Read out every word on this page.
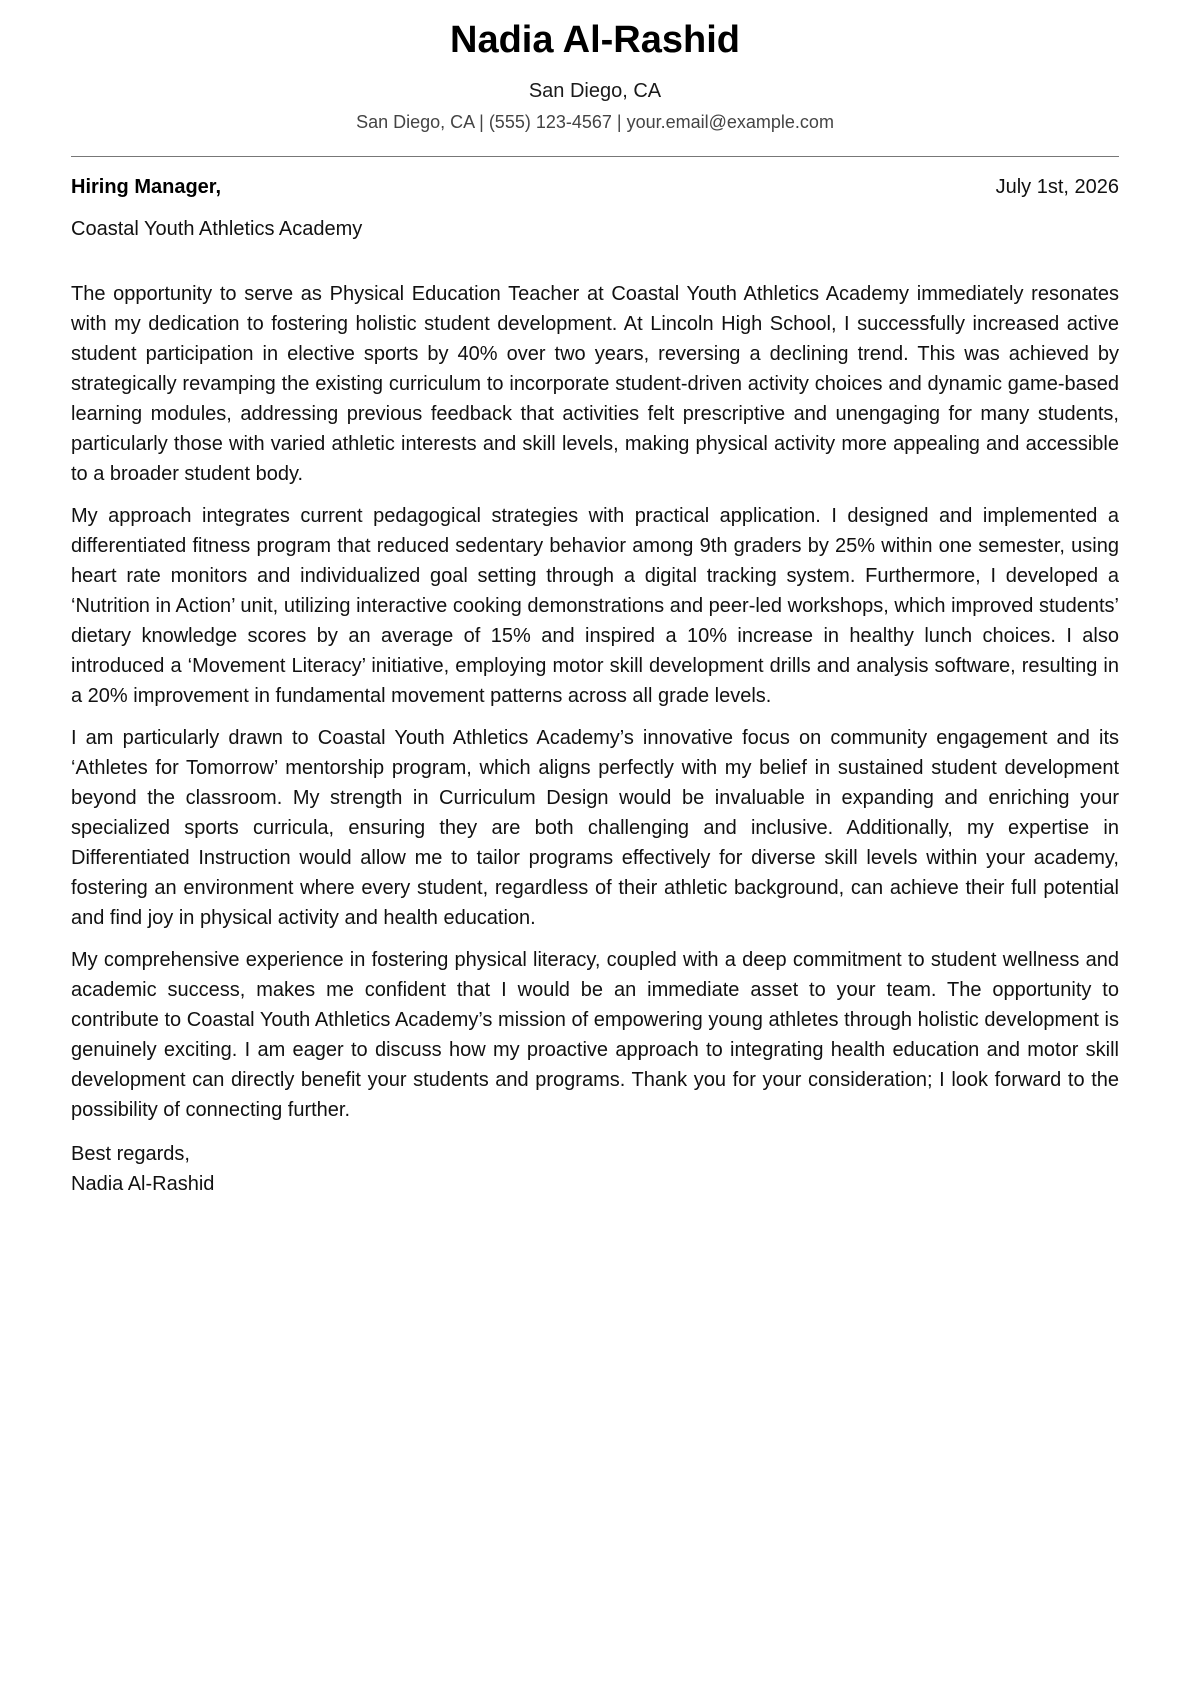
Nadia Al-Rashid
San Diego, CA
San Diego, CA | (555) 123-4567 | your.email@example.com
Hiring Manager,	July 1st, 2026
Coastal Youth Athletics Academy

The opportunity to serve as Physical Education Teacher at Coastal Youth Athletics Academy immediately resonates with my dedication to fostering holistic student development. At Lincoln High School, I successfully increased active student participation in elective sports by 40% over two years, reversing a declining trend. This was achieved by strategically revamping the existing curriculum to incorporate student-driven activity choices and dynamic game-based learning modules, addressing previous feedback that activities felt prescriptive and unengaging for many students, particularly those with varied athletic interests and skill levels, making physical activity more appealing and accessible to a broader student body.

My approach integrates current pedagogical strategies with practical application. I designed and implemented a differentiated fitness program that reduced sedentary behavior among 9th graders by 25% within one semester, using heart rate monitors and individualized goal setting through a digital tracking system. Furthermore, I developed a ‘Nutrition in Action’ unit, utilizing interactive cooking demonstrations and peer-led workshops, which improved students’ dietary knowledge scores by an average of 15% and inspired a 10% increase in healthy lunch choices. I also introduced a ‘Movement Literacy’ initiative, employing motor skill development drills and analysis software, resulting in a 20% improvement in fundamental movement patterns across all grade levels.

I am particularly drawn to Coastal Youth Athletics Academy’s innovative focus on community engagement and its ‘Athletes for Tomorrow’ mentorship program, which aligns perfectly with my belief in sustained student development beyond the classroom. My strength in Curriculum Design would be invaluable in expanding and enriching your specialized sports curricula, ensuring they are both challenging and inclusive. Additionally, my expertise in Differentiated Instruction would allow me to tailor programs effectively for diverse skill levels within your academy, fostering an environment where every student, regardless of their athletic background, can achieve their full potential and find joy in physical activity and health education.

My comprehensive experience in fostering physical literacy, coupled with a deep commitment to student wellness and academic success, makes me confident that I would be an immediate asset to your team. The opportunity to contribute to Coastal Youth Athletics Academy’s mission of empowering young athletes through holistic development is genuinely exciting. I am eager to discuss how my proactive approach to integrating health education and motor skill development can directly benefit your students and programs. Thank you for your consideration; I look forward to the possibility of connecting further.

Best regards,
Nadia Al-Rashid
